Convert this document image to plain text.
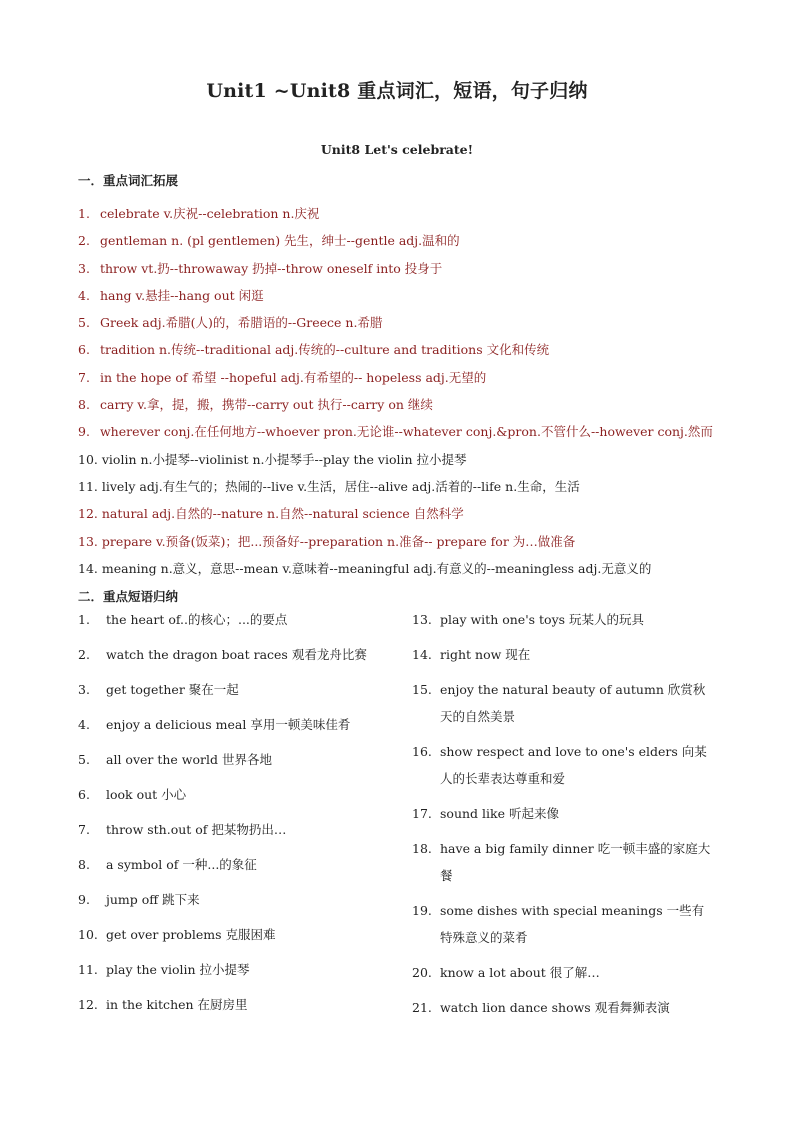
Unit1 ~Unit8 重点词汇，短语，句子归纳
Unit8 Let's celebrate!
一．重点词汇拓展
1. celebrate v.庆祝--celebration n.庆祝
2. gentleman n. (pl gentlemen) 先生，绅士--gentle adj.温和的
3. throw vt.扔--throwaway 扔掉--throw oneself into 投身于
4. hang v.悬挂--hang out 闲逛
5. Greek adj.希腊(人)的，希腊语的--Greece n.希腊
6. tradition n.传统--traditional adj.传统的--culture and traditions 文化和传统
7. in the hope of 希望 --hopeful adj.有希望的-- hopeless adj.无望的
8. carry v.拿，提，搬，携带--carry out 执行--carry on 继续
9. wherever conj.在任何地方--whoever pron.无论谁--whatever conj.&pron.不管什么--however conj.然而
10. violin n.小提琴--violinist n.小提琴手--play the violin 拉小提琴
11. lively adj.有生气的；热闹的--live v.生活，居住--alive adj.活着的--life n.生命，生活
12. natural adj.自然的--nature n.自然--natural science 自然科学
13. prepare v.预备(饭菜)；把...预备好--preparation n.准备-- prepare for 为…做准备
14. meaning n.意义，意思--mean v.意味着--meaningful adj.有意义的--meaningless adj.无意义的
二．重点短语归纳
1. the heart of..的核心；...的要点
2. watch the dragon boat races 观看龙舟比赛
3. get together 聚在一起
4. enjoy a delicious meal 享用一顿美味佳肴
5. all over the world 世界各地
6. look out 小心
7. throw sth.out of 把某物扔出…
8. a symbol of 一种...的象征
9. jump off 跳下来
10. get over problems 克服困难
11. play the violin 拉小提琴
12. in the kitchen 在厨房里
13. play with one's toys 玩某人的玩具
14. right now 现在
15. enjoy the natural beauty of autumn 欣赏秋天的自然美景
16. show respect and love to one's elders 向某人的长辈表达尊重和爱
17. sound like 听起来像
18. have a big family dinner 吃一顿丰盛的家庭大餐
19. some dishes with special meanings 一些有特殊意义的菜肴
20. know a lot about 很了解…
21. watch lion dance shows 观看舞狮表演
